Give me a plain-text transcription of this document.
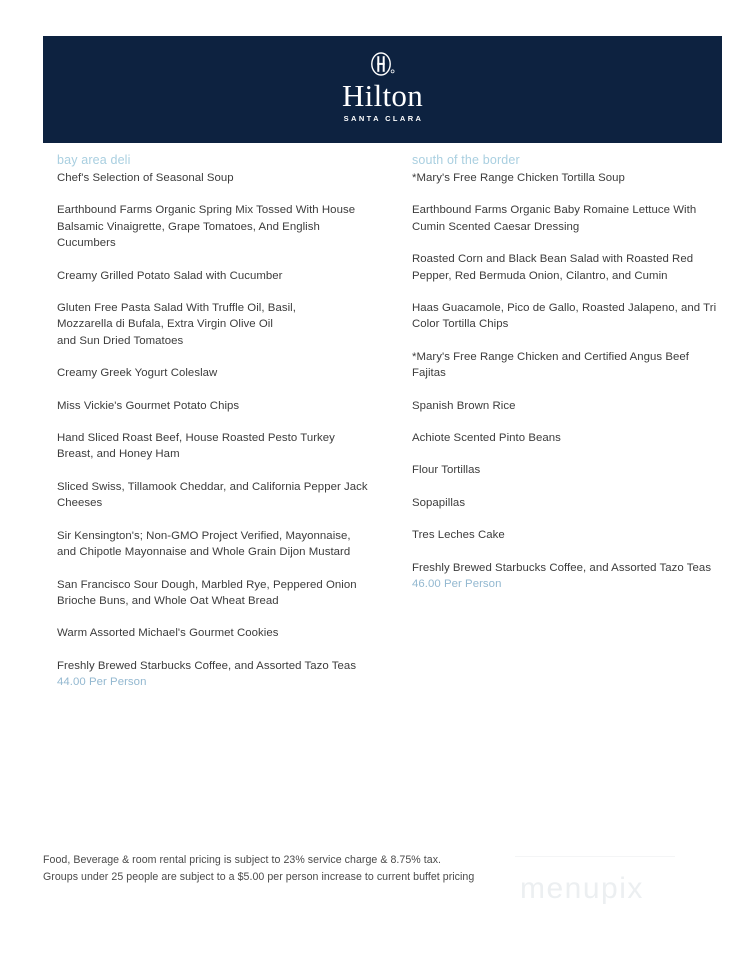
Hilton
SANTA CLARA
bay area deli
Chef's Selection of Seasonal Soup
Earthbound Farms Organic Spring Mix Tossed With House
Balsamic Vinaigrette, Grape Tomatoes, And English
Cucumbers
Creamy Grilled Potato Salad with Cucumber
Gluten Free Pasta Salad With Truffle Oil, Basil,
Mozzarella di Bufala, Extra Virgin Olive Oil
and Sun Dried Tomatoes
Creamy Greek Yogurt Coleslaw
Miss Vickie's Gourmet Potato Chips
Hand Sliced Roast Beef, House Roasted Pesto Turkey
Breast, and Honey Ham
Sliced Swiss, Tillamook Cheddar, and California Pepper Jack
Cheeses
Sir Kensington's; Non-GMO Project Verified, Mayonnaise,
and Chipotle Mayonnaise and Whole Grain Dijon Mustard
San Francisco Sour Dough, Marbled Rye, Peppered Onion
Brioche Buns, and Whole Oat Wheat Bread
Warm Assorted Michael's Gourmet Cookies
Freshly Brewed Starbucks Coffee, and Assorted Tazo Teas
44.00 Per Person
south of the border
*Mary's Free Range Chicken Tortilla Soup
Earthbound Farms Organic Baby Romaine Lettuce With
Cumin Scented Caesar Dressing
Roasted Corn and Black Bean Salad with Roasted Red
Pepper, Red Bermuda Onion, Cilantro, and Cumin
Haas Guacamole, Pico de Gallo, Roasted Jalapeno, and Tri
Color Tortilla Chips
*Mary's Free Range Chicken and Certified Angus Beef
Fajitas
Spanish Brown Rice
Achiote Scented Pinto Beans
Flour Tortillas
Sopapillas
Tres Leches Cake
Freshly Brewed Starbucks Coffee, and Assorted Tazo Teas
46.00 Per Person
Food, Beverage & room rental pricing is subject to 23% service charge & 8.75% tax.
Groups under 25 people are subject to a $5.00 per person increase to current buffet pricing	menupix
